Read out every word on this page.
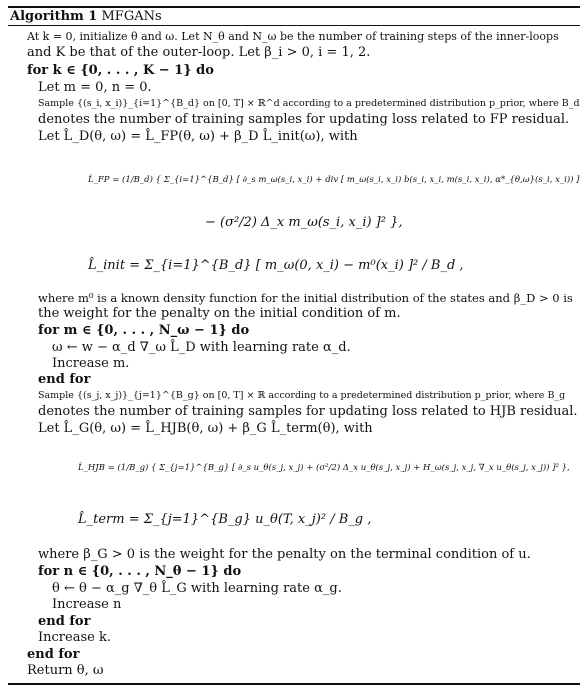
Algorithm 1 MFGANs
At k = 0, initialize θ and ω. Let N_θ and N_ω be the number of training steps of the inner-loops
and K be that of the outer-loop. Let β_i > 0, i = 1, 2.
for k ∈ {0, . . . , K − 1} do
Let m = 0, n = 0.
Sample {(s_i, x_i)}_{i=1}^{B_d} on [0, T] × ℝ^d according to a predetermined distribution p_prior, where B_d
denotes the number of training samples for updating loss related to FP residual.
Let L̂_D(θ, ω) = L̂_FP(θ, ω) + β_D L̂_init(ω), with
L̂_FP = (1/B_d) { Σ_{i=1}^{B_d} [ ∂_s m_ω(s_i, x_i) + div [ m_ω(s_i, x_i) b(s_i, x_i, m(s_i, x_i), α*_{θ,ω}(s_i, x_i)) ]
− (σ²/2) Δ_x m_ω(s_i, x_i) ]² },
L̂_init = Σ_{i=1}^{B_d} [ m_ω(0, x_i) − m⁰(x_i) ]² / B_d ,
where m⁰ is a known density function for the initial distribution of the states and β_D > 0 is
the weight for the penalty on the initial condition of m.
for m ∈ {0, . . . , N_ω − 1} do
ω ← w − α_d ∇_ω L̂_D with learning rate α_d.
Increase m.
end for
Sample {(s_j, x_j)}_{j=1}^{B_g} on [0, T] × ℝ according to a predetermined distribution p_prior, where B_g
denotes the number of training samples for updating loss related to HJB residual.
Let L̂_G(θ, ω) = L̂_HJB(θ, ω) + β_G L̂_term(θ), with
L̂_HJB = (1/B_g) { Σ_{j=1}^{B_g} [ ∂_s u_θ(s_j, x_j) + (σ²/2) Δ_x u_θ(s_j, x_j) + H_ω(s_j, x_j, ∇_x u_θ(s_j, x_j)) ]² },
L̂_term = Σ_{j=1}^{B_g} u_θ(T, x_j)² / B_g ,
where β_G > 0 is the weight for the penalty on the terminal condition of u.
for n ∈ {0, . . . , N_θ − 1} do
θ ← θ − α_g ∇_θ L̂_G with learning rate α_g.
Increase n
end for
Increase k.
end for
Return θ, ω
